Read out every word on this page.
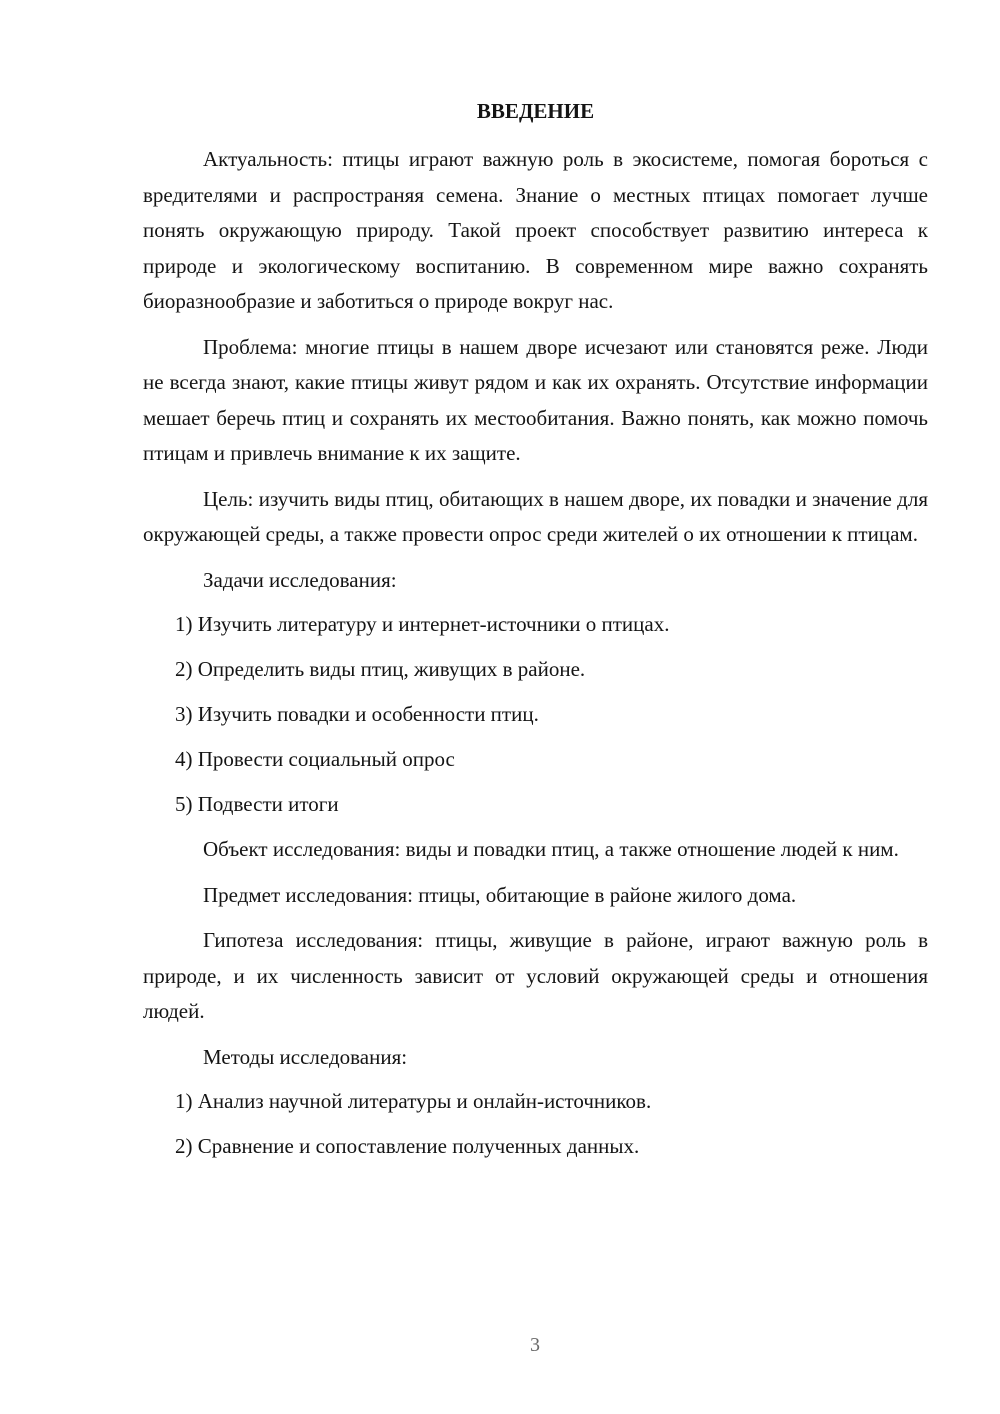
ВВЕДЕНИЕ

Актуальность: птицы играют важную роль в экосистеме, помогая бороться с вредителями и распространяя семена. Знание о местных птицах помогает лучше понять окружающую природу. Такой проект способствует развитию интереса к природе и экологическому воспитанию. В современном мире важно сохранять биоразнообразие и заботиться о природе вокруг нас.

Проблема: многие птицы в нашем дворе исчезают или становятся реже. Люди не всегда знают, какие птицы живут рядом и как их охранять. Отсутствие информации мешает беречь птиц и сохранять их местообитания. Важно понять, как можно помочь птицам и привлечь внимание к их защите.

Цель: изучить виды птиц, обитающих в нашем дворе, их повадки и значение для окружающей среды, а также провести опрос среди жителей о их отношении к птицам.

Задачи исследования:
1) Изучить литературу и интернет-источники о птицах.
2) Определить виды птиц, живущих в районе.
3) Изучить повадки и особенности птиц.
4) Провести социальный опрос
5) Подвести итоги

Объект исследования: виды и повадки птиц, а также отношение людей к ним.

Предмет исследования: птицы, обитающие в районе жилого дома.

Гипотеза исследования: птицы, живущие в районе, играют важную роль в природе, и их численность зависит от условий окружающей среды и отношения людей.

Методы исследования:
1) Анализ научной литературы и онлайн-источников.
2) Сравнение и сопоставление полученных данных.
3
